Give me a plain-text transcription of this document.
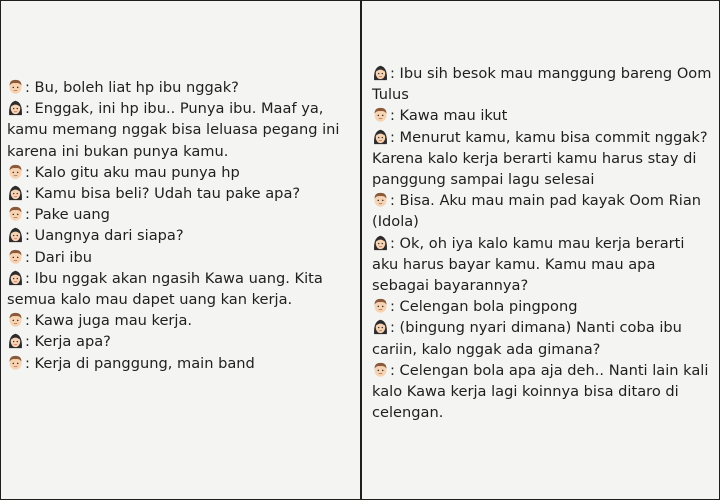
: Bu, boleh liat hp ibu nggak?
: Enggak, ini hp ibu.. Punya ibu. Maaf ya, kamu memang nggak bisa leluasa pegang ini karena ini bukan punya kamu.
: Kalo gitu aku mau punya hp
: Kamu bisa beli? Udah tau pake apa?
: Pake uang
: Uangnya dari siapa?
: Dari ibu
: Ibu nggak akan ngasih Kawa uang. Kita semua kalo mau dapet uang kan kerja.
: Kawa juga mau kerja.
: Kerja apa?
: Kerja di panggung, main band
: Ibu sih besok mau manggung bareng Oom Tulus
: Kawa mau ikut
: Menurut kamu, kamu bisa commit nggak? Karena kalo kerja berarti kamu harus stay di panggung sampai lagu selesai
: Bisa. Aku mau main pad kayak Oom Rian (Idola)
: Ok, oh iya kalo kamu mau kerja berarti aku harus bayar kamu. Kamu mau apa sebagai bayarannya?
: Celengan bola pingpong
: (bingung nyari dimana) Nanti coba ibu cariin, kalo nggak ada gimana?
: Celengan bola apa aja deh.. Nanti lain kali kalo Kawa kerja lagi koinnya bisa ditaro di celengan.
